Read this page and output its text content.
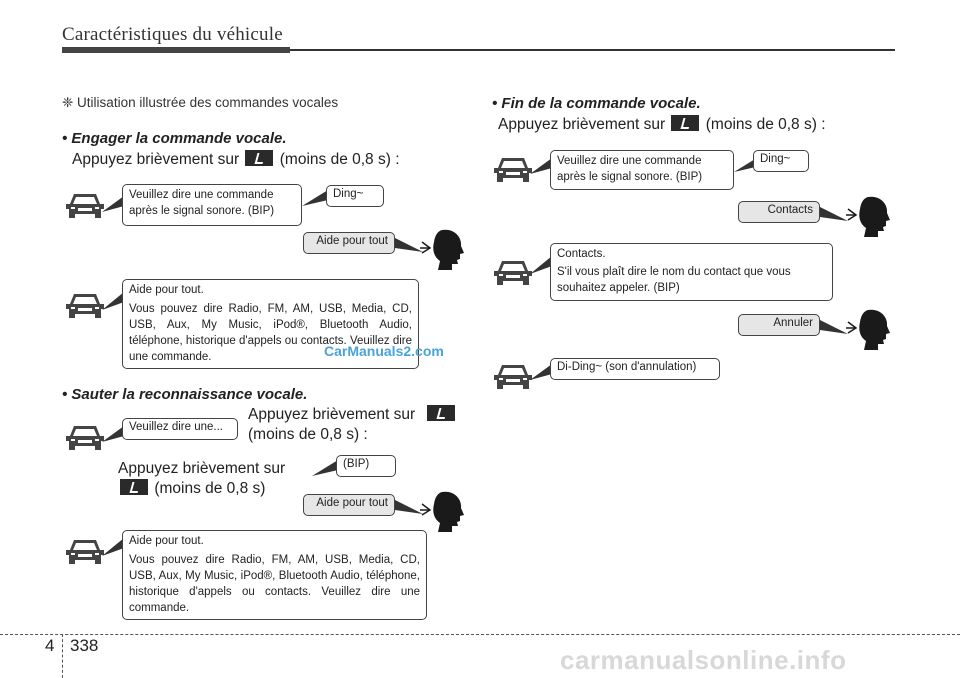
Caractéristiques du véhicule
❈ Utilisation illustrée des commandes vocales
• Engager la commande vocale.
Appuyez brièvement sur	(moins de 0,8 s) :

Veuillez dire une commande après le signal sonore. (BIP)

Ding~
Aide pour tout

Aide pour tout.

Vous pouvez dire Radio, FM, AM, USB, Media, CD, USB, Aux, My Music, iPod®, Bluetooth Audio, téléphone, historique d'appels ou contacts. Veuillez dire une commande.	CarManuals2.com
• Sauter la reconnaissance vocale.
Appuyez brièvement sur
(moins de 0,8 s) :
Veuillez dire une...
Appuyez brièvement sur
(moins de 0,8 s)
(BIP)
Aide pour tout

Aide pour tout.

Vous pouvez dire Radio, FM, AM, USB, Media, CD, USB, Aux, My Music, iPod®, Bluetooth Audio, téléphone, historique d'appels ou contacts. Veuillez dire une commande.

• Fin de la commande vocale.
Appuyez brièvement sur	(moins de 0,8 s) :

Veuillez dire une commande après le signal sonore. (BIP)

Ding~
Contacts

Contacts.

S'il vous plaît dire le nom du contact que vous souhaitez appeler. (BIP)

Annuler
Di-Ding~ (son d'annulation)
4 338	carmanualsonline.info
